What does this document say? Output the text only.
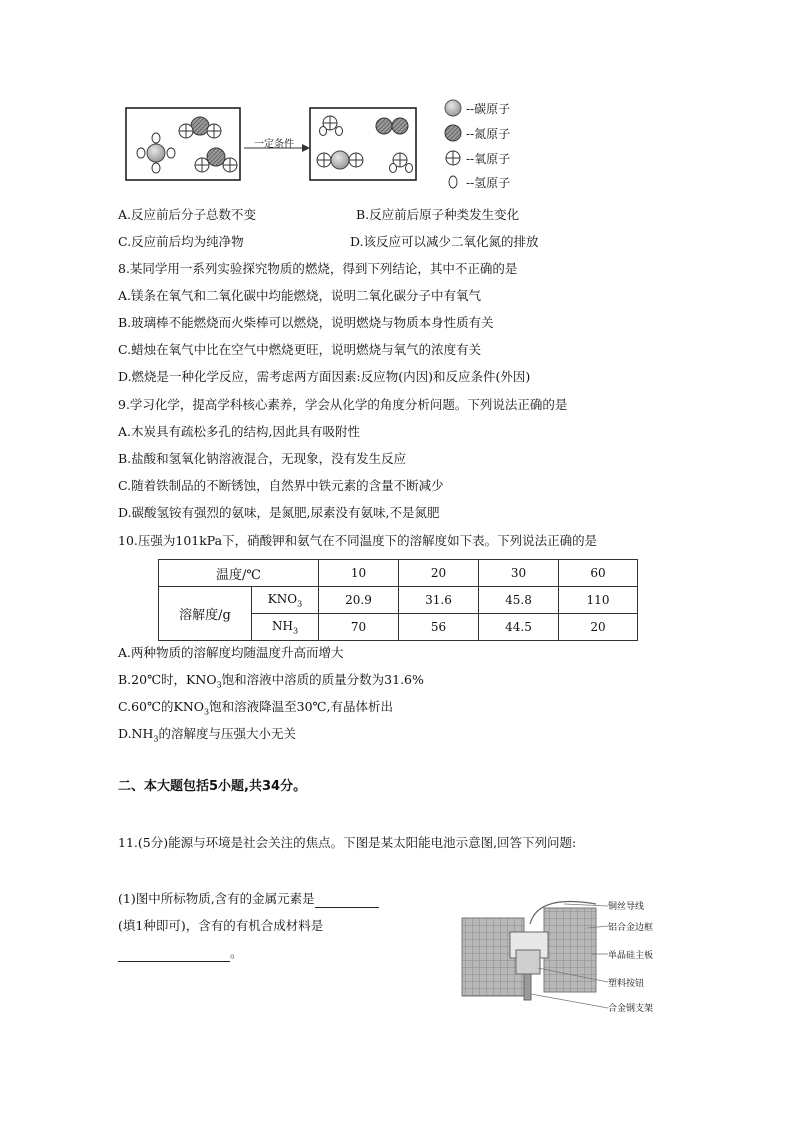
一定条件
--碳原子
--氮原子
--氧原子
--氢原子
A.反应前后分子总数不变	B.反应前后原子种类发生变化
C.反应前后均为纯净物	D.该反应可以减少二氧化氮的排放
8.某同学用一系列实验探究物质的燃烧，得到下列结论，其中不正确的是
A.镁条在氧气和二氧化碳中均能燃烧，说明二氧化碳分子中有氧气
B.玻璃棒不能燃烧而火柴棒可以燃烧，说明燃烧与物质本身性质有关
C.蜡烛在氧气中比在空气中燃烧更旺，说明燃烧与氧气的浓度有关
D.燃烧是一种化学反应，需考虑两方面因素:反应物(内因)和反应条件(外因)
9.学习化学，提高学科核心素养，学会从化学的角度分析问题。下列说法正确的是
A.木炭具有疏松多孔的结构,因此具有吸附性
B.盐酸和氢氧化钠溶液混合，无现象，没有发生反应
C.随着铁制品的不断锈蚀，自然界中铁元素的含量不断减少
D.碳酸氢铵有强烈的氨味，是氮肥,尿素没有氨味,不是氮肥
10.压强为101kPa下，硝酸钾和氨气在不同温度下的溶解度如下表。下列说法正确的是
温度/℃		10	20	30	60
溶解度/g	$KNO_3$	20.9	31.6	45.8	110
	$NH_3$	70	56	44.5	20
A.两种物质的溶解度均随温度升高而增大
B.20℃时，$KNO_3$饱和溶液中溶质的质量分数为31.6%
C.60℃的$KNO_3$饱和溶液降温至30℃,有晶体析出
$D.NH_3$的溶解度与压强大小无关
二、本大题包括5小题,共34分。
11.(5分)能源与环境是社会关注的焦点。下图是某太阳能电池示意图,回答下列问题:
(1)图中所标物质,含有的金属元素是
(填1种即可)，含有的有机合成材料是
。
铜丝导线
铝合金边框
单晶硅主板
塑料按钮
合金钢支架
